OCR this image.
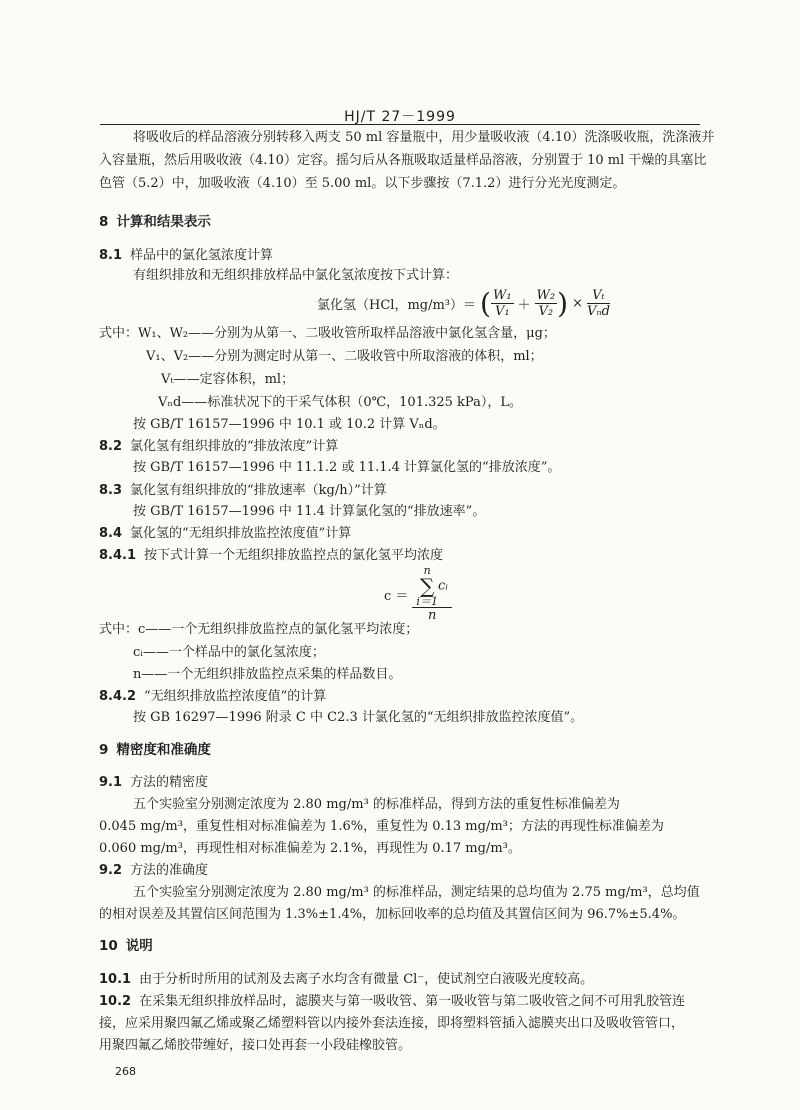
HJ/T 27－1999
将吸收后的样品溶液分别转移入两支 50 ml 容量瓶中，用少量吸收液（4.10）洗涤吸收瓶，洗涤液并
入容量瓶，然后用吸收液（4.10）定容。摇匀后从各瓶吸取适量样品溶液，分别置于 10 ml 干燥的具塞比
色管（5.2）中，加吸收液（4.10）至 5.00 ml。以下步骤按（7.1.2）进行分光光度测定。
8 计算和结果表示
8.1 样品中的氯化氢浓度计算
有组织排放和无组织排放样品中氯化氢浓度按下式计算：
氯化氢（HCl，mg/m³）＝ ( $\frac{\text{W₁}}{\text{V₁}} + \frac{\text{W₂}}{\text{V₂}}$ ) × $\frac{\text{Vₜ}}{\text{Vₙd}}$
式中：W₁、W₂——分别为从第一、二吸收管所取样品溶液中氯化氢含量，μg；
V₁、V₂——分别为测定时从第一、二吸收管中所取溶液的体积，ml；
Vₜ——定容体积，ml；
Vₙd——标准状况下的干采气体积（0℃，101.325 kPa），L。
按 GB/T 16157—1996 中 10.1 或 10.2 计算 Vₙd。
8.2 氯化氢有组织排放的“排放浓度”计算
按 GB/T 16157—1996 中 11.1.2 或 11.1.4 计算氯化氢的“排放浓度”。
8.3 氯化氢有组织排放的“排放速率（kg/h）”计算
按 GB/T 16157—1996 中 11.4 计算氯化氢的“排放速率”。
8.4 氯化氢的“无组织排放监控浓度值”计算
8.4.1 按下式计算一个无组织排放监控点的氯化氢平均浓度
c ＝ n
∑
i＝1
cᵢ
n
式中：c——一个无组织排放监控点的氯化氢平均浓度；
cᵢ——一个样品中的氯化氢浓度；
n——一个无组织排放监控点采集的样品数目。
8.4.2 “无组织排放监控浓度值”的计算
按 GB 16297—1996 附录 C 中 C2.3 计氯化氢的“无组织排放监控浓度值”。
9 精密度和准确度
9.1 方法的精密度
五个实验室分别测定浓度为 2.80 mg/m³ 的标准样品，得到方法的重复性标准偏差为
0.045 mg/m³，重复性相对标准偏差为 1.6%，重复性为 0.13 mg/m³；方法的再现性标准偏差为
0.060 mg/m³，再现性相对标准偏差为 2.1%，再现性为 0.17 mg/m³。
9.2 方法的准确度
五个实验室分别测定浓度为 2.80 mg/m³ 的标准样品，测定结果的总均值为 2.75 mg/m³，总均值
的相对误差及其置信区间范围为 1.3%±1.4%，加标回收率的总均值及其置信区间为 96.7%±5.4%。
10 说明
10.1 由于分析时所用的试剂及去离子水均含有微量 Cl⁻，使试剂空白液吸光度较高。
10.2 在采集无组织排放样品时，滤膜夹与第一吸收管、第一吸收管与第二吸收管之间不可用乳胶管连
接，应采用聚四氟乙烯或聚乙烯塑料管以内接外套法连接，即将塑料管插入滤膜夹出口及吸收管管口，
用聚四氟乙烯胶带缠好，接口处再套一小段硅橡胶管。
268
